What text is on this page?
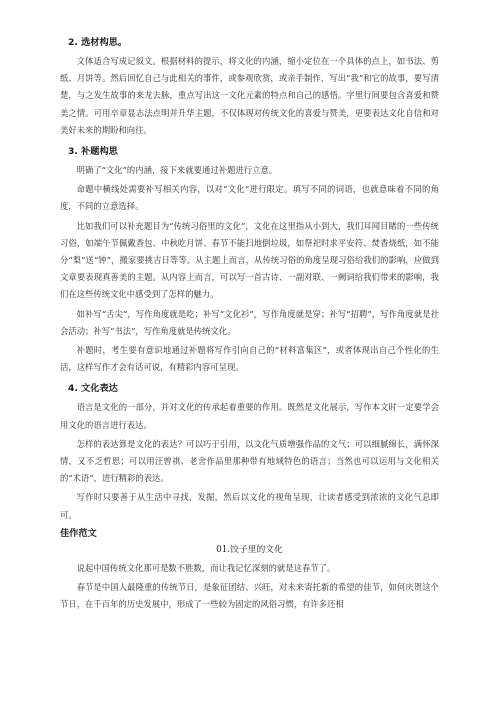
2. 选材构思。

文体适合写成记叙文。根据材料的提示，将文化的内涵，缩小定位在一个具体的点上，如书法、剪纸、月饼等。然后回忆自己与此相关的事件，或参观欣赏，或亲手制作，写出“我”和它的故事，要写清楚，与之发生故事的来龙去脉，重点写出这一文化元素的特点和自己的感悟。字里行间要包含喜爱和赞美之情。可用卒章显志法点明并升华主题，不仅体现对传统文化的喜爱与赞美，更要表达文化自信和对美好未来的期盼和向往。

3. 补题构思

明确了“文化”的内涵，接下来就要通过补题进行立意。

命题中横线处需要补写相关内容，以对“文化”进行限定。填写不同的词语，也就意味着不同的角度，不同的立意选择。

比如我们可以补充题目为“传统习俗里的文化”，文化在这里指从小到大，我们耳闻目睹的一些传统习俗，如端午节佩戴香包、中秋吃月饼、春节不能扫地倒垃圾，如祭祀时求平安符、焚香烧纸，如不能分“梨”送“钟”，搬家要挑吉日等等。从主题上而言，从传统习俗的角度呈现习俗给我们的影响，应做到文章要表现真善美的主题。从内容上而言，可以写一首古诗、一副对联、一阙词给我们带来的影响，我们在这些传统文化中感受到了怎样的魅力。

如补写“舌尖”，写作角度就是吃；补写“文化衫”，写作角度就是穿；补写“招聘”，写作角度就是社会活动；补写“书法”，写作角度就是传统文化。

补题时，考生要有意识地通过补题将写作引向自己的“材料富集区”，或者体现出自己个性化的生活，这样写作才会有话可说，有精彩内容可呈现。

4. 文化表达

语言是文化的一部分，并对文化的传承起着重要的作用。既然是文化展示，写作本文时一定要学会用文化的语言进行表达。

怎样的表达算是文化的表达？可以巧于引用，以文化气质增强作品的文气；可以细腻绵长，满怀深情，又不乏哲思；可以用汪曾祺、老舍作品里那种带有地域特色的语言；当然也可以运用与文化相关的“术语”，进行精彩的表达。

写作时只要善于从生活中寻找，发掘，然后以文化的视角呈现，让读者感受到浓浓的文化气息即可。

佳作范文
01.饺子里的文化

说起中国传统文化那可是数不胜数，而让我记忆深刻的就是这春节了。

春节是中国人最隆重的传统节日，是象征团结、兴旺，对未来寄托新的希望的佳节，如何庆贺这个节日，在千百年的历史发展中，形成了一些较为固定的风俗习惯，有许多还相
